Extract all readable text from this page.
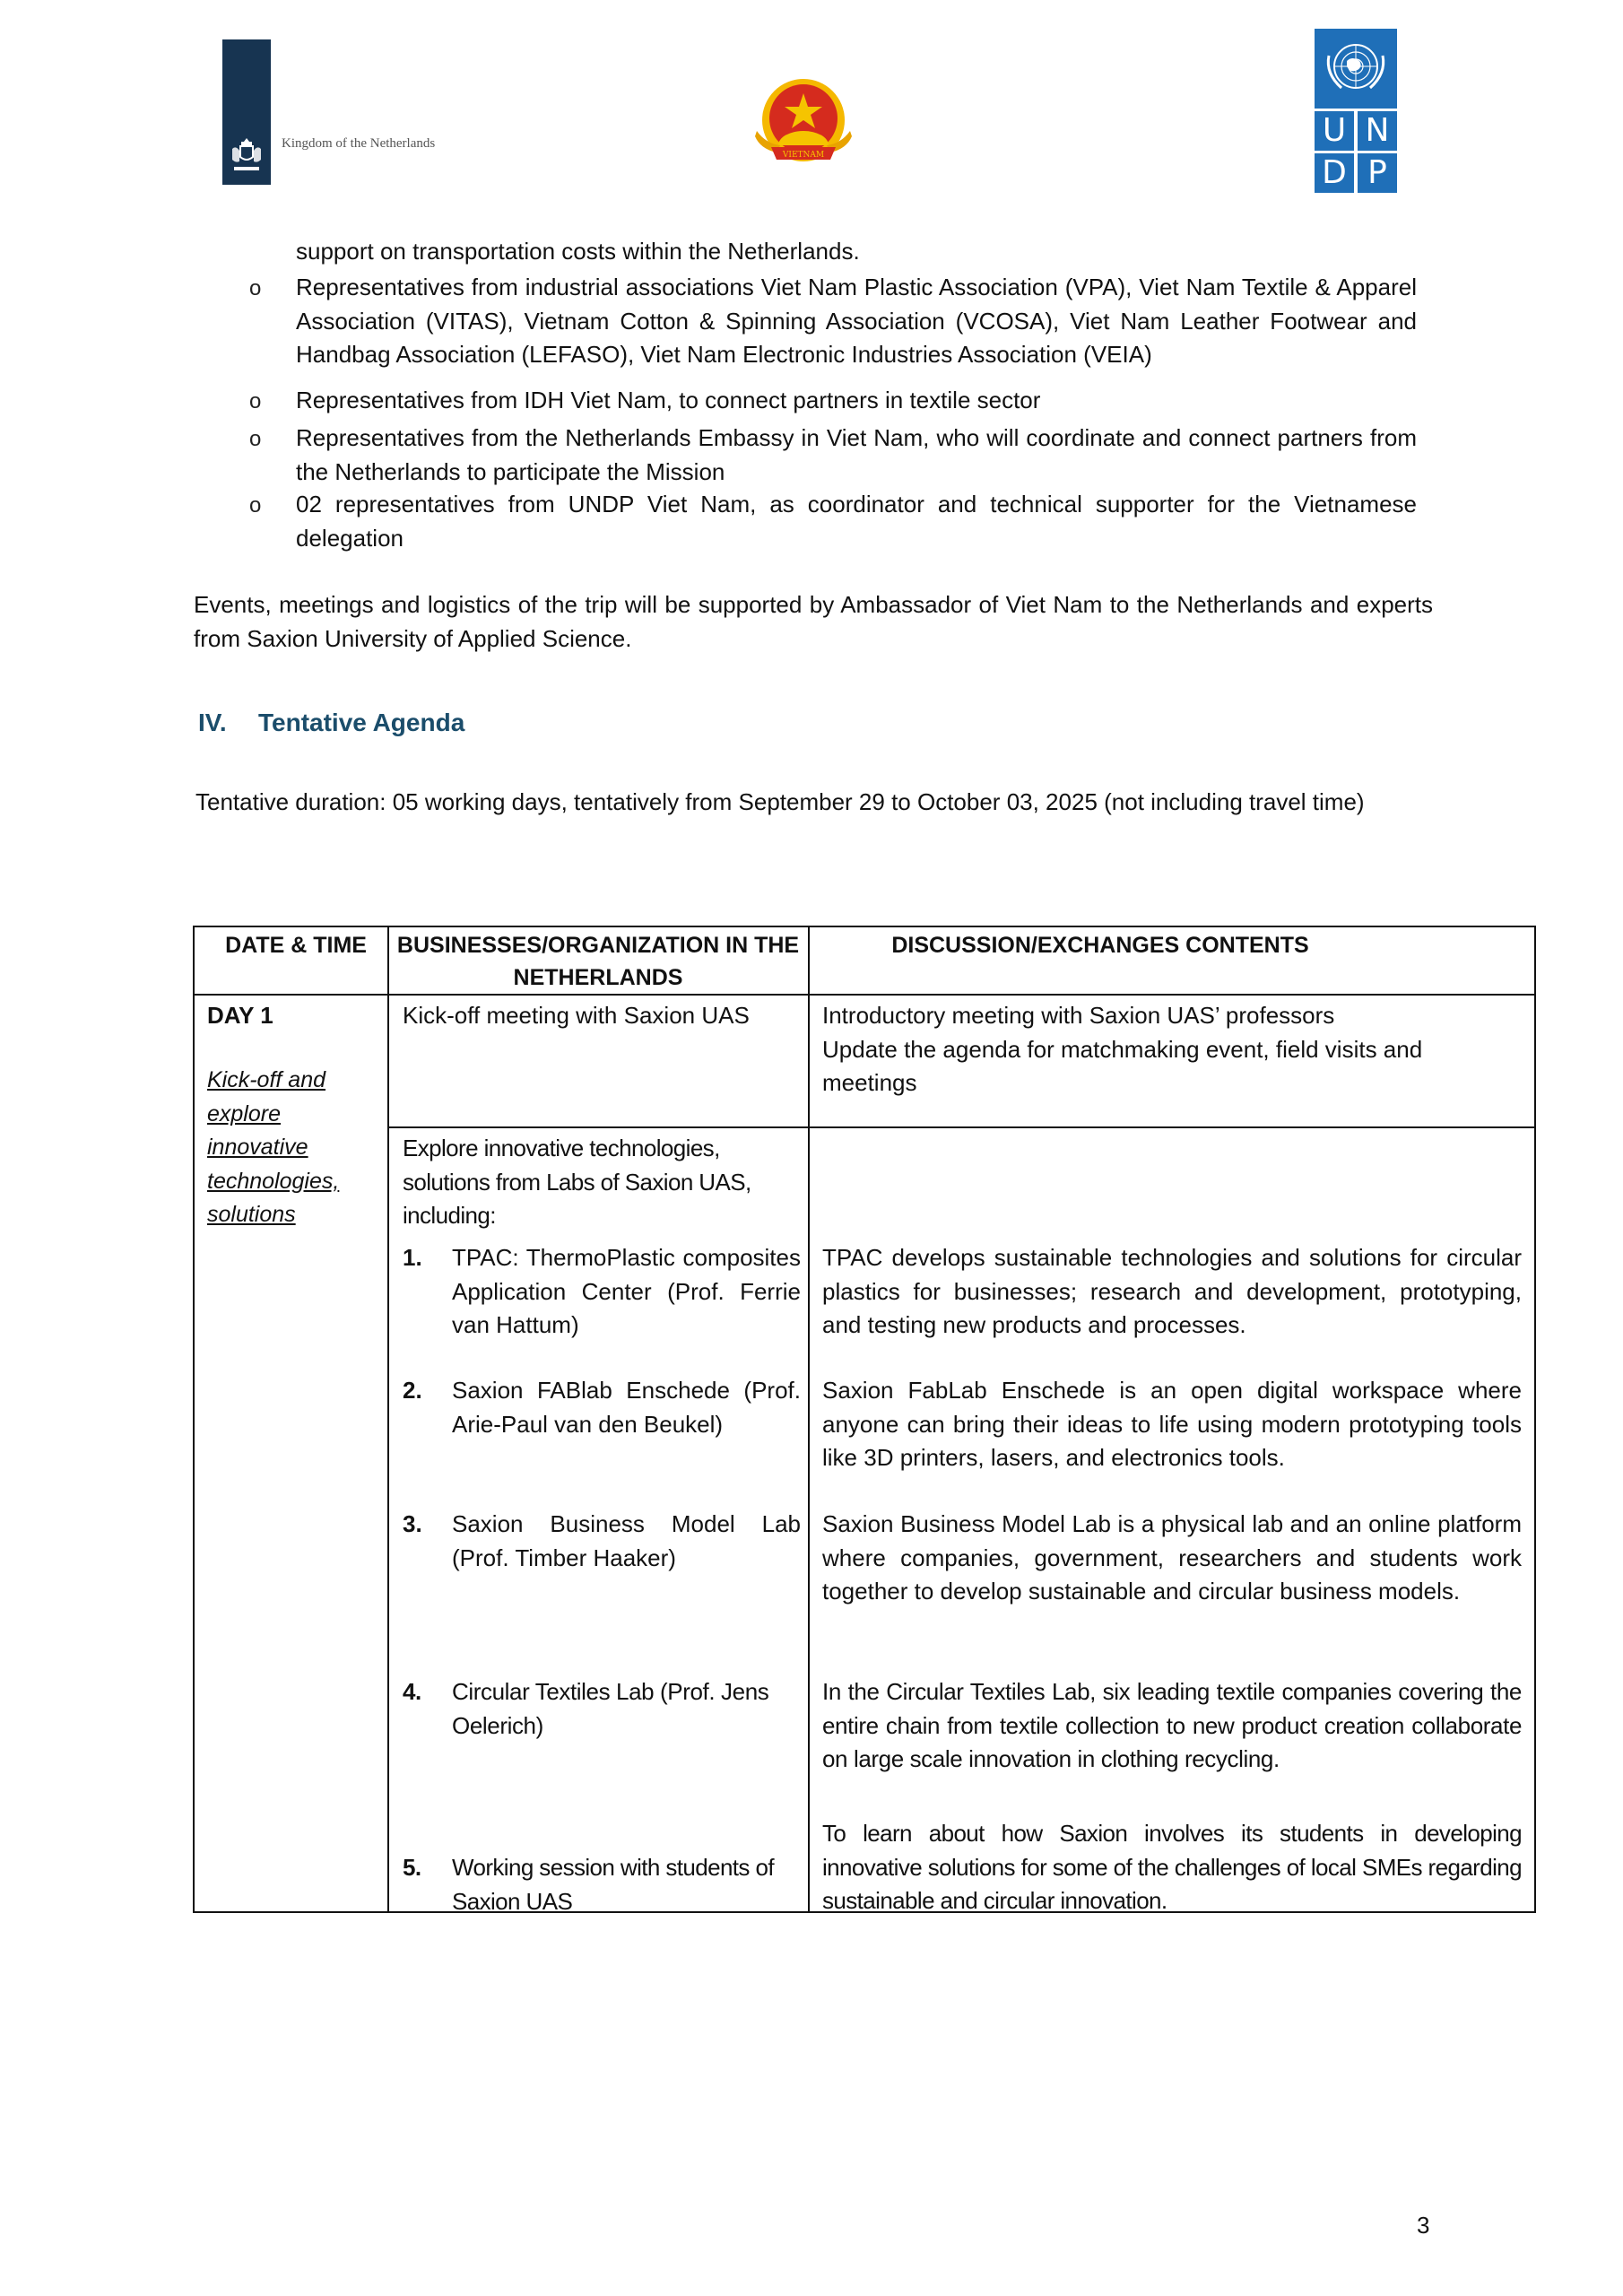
Kingdom of the Netherlands
VIETNAM
U N
D P
support on transportation costs within the Netherlands.
o Representatives from industrial associations Viet Nam Plastic Association (VPA), Viet Nam Textile & Apparel Association (VITAS), Vietnam Cotton & Spinning Association (VCOSA), Viet Nam Leather Footwear and Handbag Association (LEFASO), Viet Nam Electronic Industries Association (VEIA)
o Representatives from IDH Viet Nam, to connect partners in textile sector
o Representatives from the Netherlands Embassy in Viet Nam, who will coordinate and connect partners from the Netherlands to participate the Mission
o 02 representatives from UNDP Viet Nam, as coordinator and technical supporter for the Vietnamese delegation
Events, meetings and logistics of the trip will be supported by Ambassador of Viet Nam to the Netherlands and experts from Saxion University of Applied Science.
IV. Tentative Agenda
Tentative duration: 05 working days, tentatively from September 29 to October 03, 2025 (not including travel time)
DATE & TIME	BUSINESSES/ORGANIZATION IN THE NETHERLANDS
DISCUSSION/EXCHANGES CONTENTS
DAY 1
Kick-off and explore innovative technologies, solutions
Kick-off meeting with Saxion UAS	Introductory meeting with Saxion UAS’ professors
Update the agenda for matchmaking event, field visits and meetings
Explore innovative technologies, solutions from Labs of Saxion UAS, including:
1. TPAC: ThermoPlastic composites Application Center (Prof. Ferrie van Hattum)
TPAC develops sustainable technologies and solutions for circular plastics for businesses; research and development, prototyping, and testing new products and processes.
2. Saxion FABlab Enschede (Prof. Arie-Paul van den Beukel)
Saxion FabLab Enschede is an open digital workspace where anyone can bring their ideas to life using modern prototyping tools like 3D printers, lasers, and electronics tools.
3. Saxion Business Model Lab (Prof. Timber Haaker)
Saxion Business Model Lab is a physical lab and an online platform where companies, government, researchers and students work together to develop sustainable and circular business models.
4. Circular Textiles Lab (Prof. Jens Oelerich)
In the Circular Textiles Lab, six leading textile companies covering the entire chain from textile collection to new product creation collaborate on large scale innovation in clothing recycling.
5. Working session with students of Saxion UAS
To learn about how Saxion involves its students in developing innovative solutions for some of the challenges of local SMEs regarding sustainable and circular innovation.
3
